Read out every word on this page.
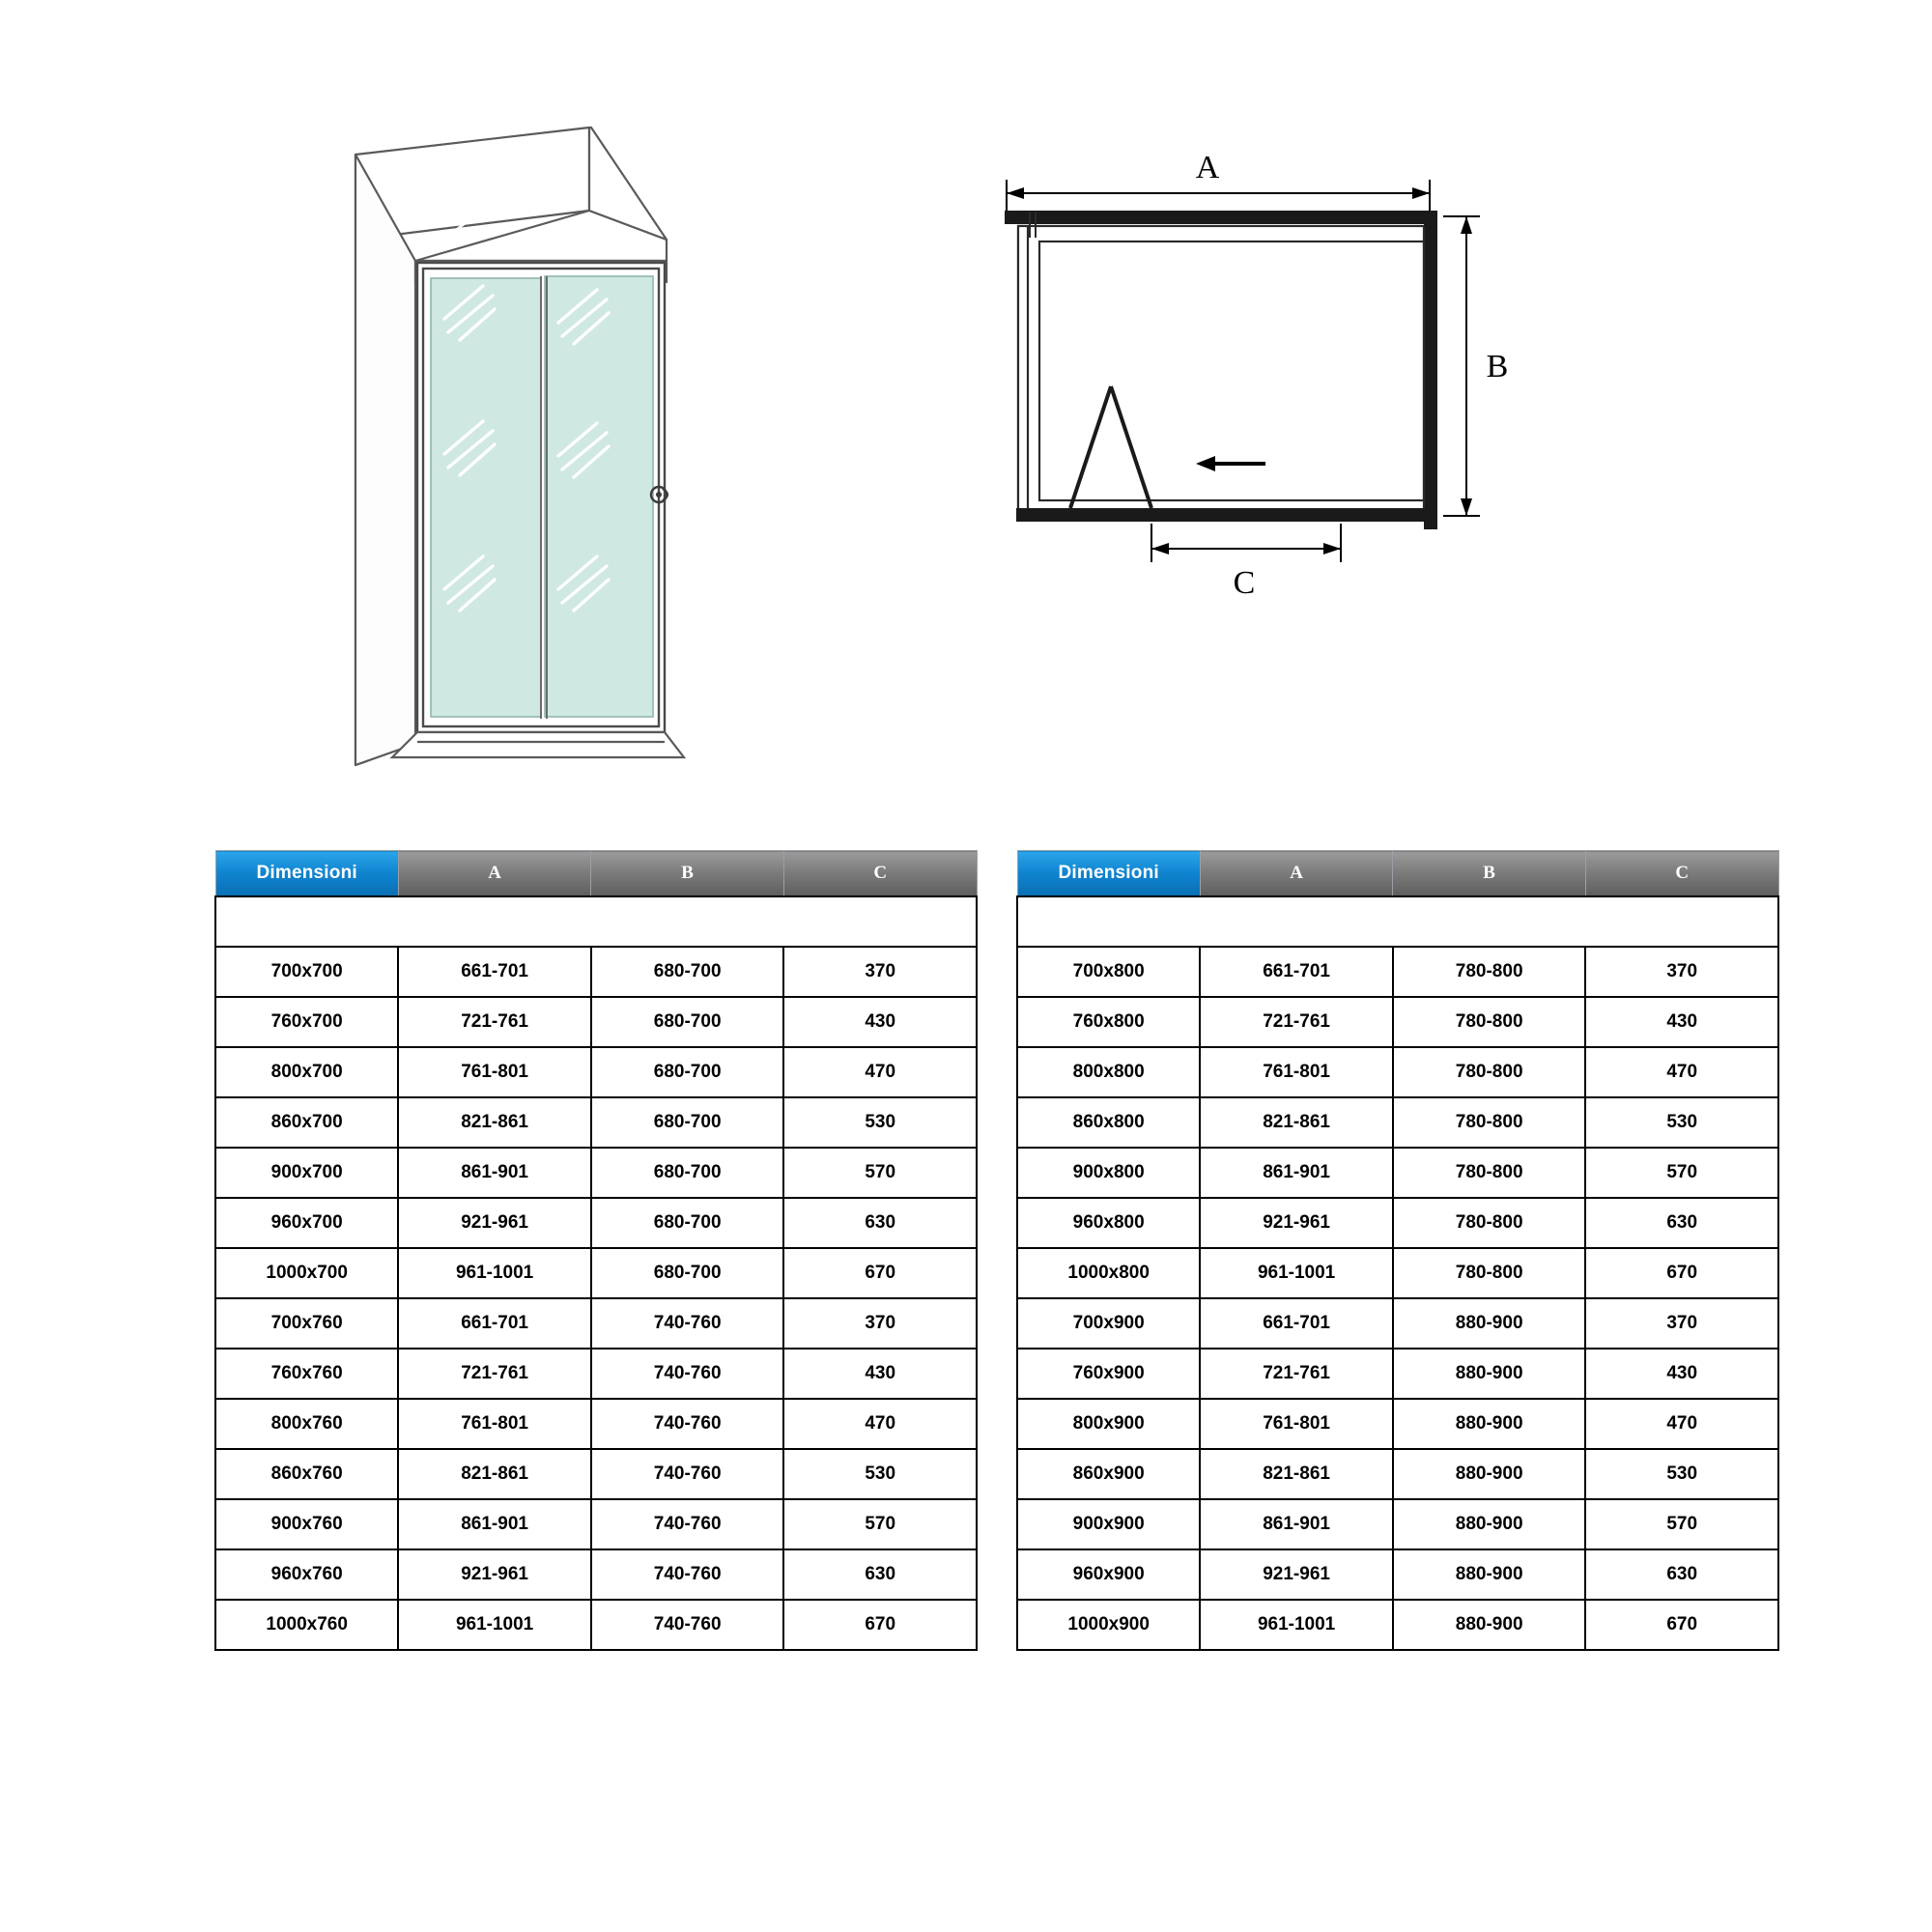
A
B
C
Dimensioni	A	B	C

700x700	661-701	680-700	370
760x700	721-761	680-700	430
800x700	761-801	680-700	470
860x700	821-861	680-700	530
900x700	861-901	680-700	570
960x700	921-961	680-700	630
1000x700	961-1001	680-700	670
700x760	661-701	740-760	370
760x760	721-761	740-760	430
800x760	761-801	740-760	470
860x760	821-861	740-760	530
900x760	861-901	740-760	570
960x760	921-961	740-760	630
1000x760	961-1001	740-760	670
Dimensioni	A	B	C

700x800	661-701	780-800	370
760x800	721-761	780-800	430
800x800	761-801	780-800	470
860x800	821-861	780-800	530
900x800	861-901	780-800	570
960x800	921-961	780-800	630
1000x800	961-1001	780-800	670
700x900	661-701	880-900	370
760x900	721-761	880-900	430
800x900	761-801	880-900	470
860x900	821-861	880-900	530
900x900	861-901	880-900	570
960x900	921-961	880-900	630
1000x900	961-1001	880-900	670
